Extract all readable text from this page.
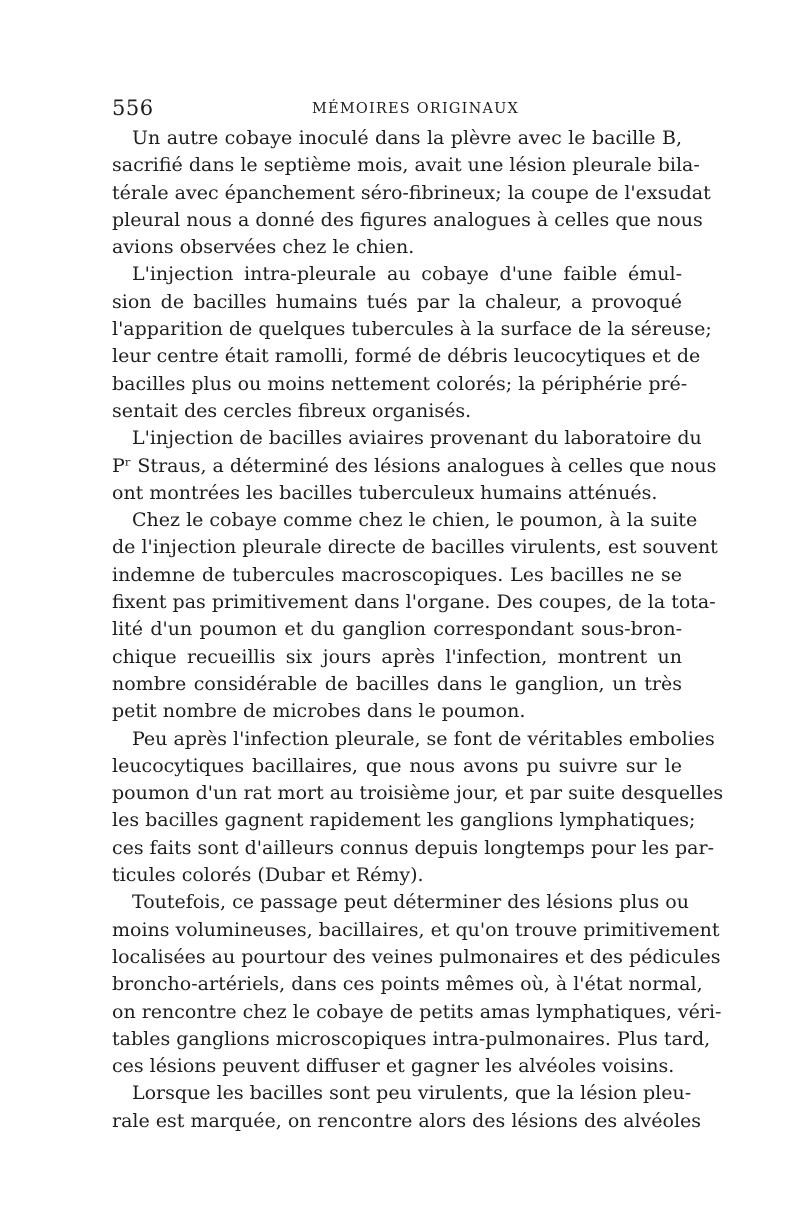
556	MÉMOIRES ORIGINAUX
Un autre cobaye inoculé dans la plèvre avec le bacille B,
sacrifié dans le septième mois, avait une lésion pleurale bila-
térale avec épanchement séro-fibrineux; la coupe de l'exsudat
pleural nous a donné des figures analogues à celles que nous
avions observées chez le chien.
L'injection intra-pleurale au cobaye d'une faible émul-
sion de bacilles humains tués par la chaleur, a provoqué
l'apparition de quelques tubercules à la surface de la séreuse;
leur centre était ramolli, formé de débris leucocytiques et de
bacilles plus ou moins nettement colorés; la périphérie pré-
sentait des cercles fibreux organisés.
L'injection de bacilles aviaires provenant du laboratoire du
Pʳ Straus, a déterminé des lésions analogues à celles que nous
ont montrées les bacilles tuberculeux humains atténués.
Chez le cobaye comme chez le chien, le poumon, à la suite
de l'injection pleurale directe de bacilles virulents, est souvent
indemne de tubercules macroscopiques. Les bacilles ne se
fixent pas primitivement dans l'organe. Des coupes, de la tota-
lité d'un poumon et du ganglion correspondant sous-bron-
chique recueillis six jours après l'infection, montrent un
nombre considérable de bacilles dans le ganglion, un très
petit nombre de microbes dans le poumon.
Peu après l'infection pleurale, se font de véritables embolies
leucocytiques bacillaires, que nous avons pu suivre sur le
poumon d'un rat mort au troisième jour, et par suite desquelles
les bacilles gagnent rapidement les ganglions lymphatiques;
ces faits sont d'ailleurs connus depuis longtemps pour les par-
ticules colorés (Dubar et Rémy).
Toutefois, ce passage peut déterminer des lésions plus ou
moins volumineuses, bacillaires, et qu'on trouve primitivement
localisées au pourtour des veines pulmonaires et des pédicules
broncho-artériels, dans ces points mêmes où, à l'état normal,
on rencontre chez le cobaye de petits amas lymphatiques, véri-
tables ganglions microscopiques intra-pulmonaires. Plus tard,
ces lésions peuvent diffuser et gagner les alvéoles voisins.
Lorsque les bacilles sont peu virulents, que la lésion pleu-
rale est marquée, on rencontre alors des lésions des alvéoles
